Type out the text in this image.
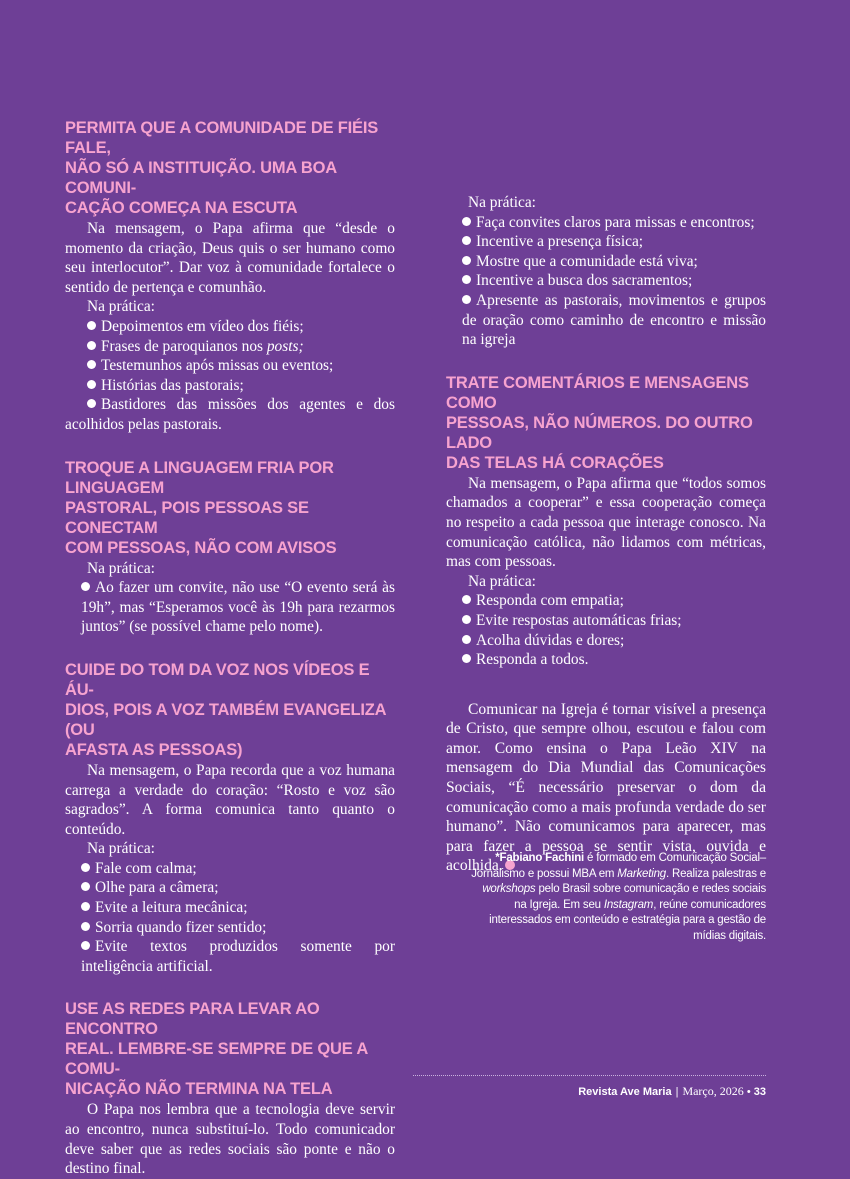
PERMITA QUE A COMUNIDADE DE FIÉIS FALE,
NÃO SÓ A INSTITUIÇÃO. UMA BOA COMUNI-
CAÇÃO COMEÇA NA ESCUTA

Na mensagem, o Papa afirma que “desde o momento da criação, Deus quis o ser humano como seu interlocutor”. Dar voz à comunidade fortalece o sentido de pertença e comunhão.

Na prática:

Depoimentos em vídeo dos fiéis;
Frases de paroquianos nos posts;
Testemunhos após missas ou eventos;
Histórias das pastorais;
Bastidores das missões dos agentes e dos acolhidos pelas pastorais.
TROQUE A LINGUAGEM FRIA POR LINGUAGEM
PASTORAL, POIS PESSOAS SE CONECTAM
COM PESSOAS, NÃO COM AVISOS

Na prática:

Ao fazer um convite, não use “O evento será às 19h”, mas “Esperamos você às 19h para rezarmos juntos” (se possível chame pelo nome).
CUIDE DO TOM DA VOZ NOS VÍDEOS E ÁU-
DIOS, POIS A VOZ TAMBÉM EVANGELIZA (OU
AFASTA AS PESSOAS)

Na mensagem, o Papa recorda que a voz humana carrega a verdade do coração: “Rosto e voz são sagrados”. A forma comunica tanto quanto o conteúdo.

Na prática:

Fale com calma;
Olhe para a câmera;
Evite a leitura mecânica;
Sorria quando fizer sentido;
Evite textos produzidos somente por inteligência artificial.
USE AS REDES PARA LEVAR AO ENCONTRO
REAL. LEMBRE-SE SEMPRE DE QUE A COMU-
NICAÇÃO NÃO TERMINA NA TELA

O Papa nos lembra que a tecnologia deve servir ao encontro, nunca substituí-lo. Todo comunicador deve saber que as redes sociais são ponte e não o destino final.

Na prática:

Faça convites claros para missas e encontros;
Incentive a presença física;
Mostre que a comunidade está viva;
Incentive a busca dos sacramentos;
Apresente as pastorais, movimentos e grupos de oração como caminho de encontro e missão na igreja
TRATE COMENTÁRIOS E MENSAGENS COMO
PESSOAS, NÃO NÚMEROS. DO OUTRO LADO
DAS TELAS HÁ CORAÇÕES

Na mensagem, o Papa afirma que “todos somos chamados a cooperar” e essa cooperação começa no respeito a cada pessoa que interage conosco. Na comunicação católica, não lidamos com métricas, mas com pessoas.

Na prática:

Responda com empatia;
Evite respostas automáticas frias;
Acolha dúvidas e dores;
Responda a todos.

Comunicar na Igreja é tornar visível a presença de Cristo, que sempre olhou, escutou e falou com amor. Como ensina o Papa Leão XIV na mensagem do Dia Mundial das Comunicações Sociais, “É necessário preservar o dom da comunicação como a mais profunda verdade do ser humano”. Não comunicamos para aparecer, mas para fazer a pessoa se sentir vista, ouvida e acolhida.

*Fabiano Fachini é formado em Comunicação Social–Jornalismo e possui MBA em Marketing. Realiza palestras e workshops pelo Brasil sobre comunicação e redes sociais na Igreja. Em seu Instagram, reúne comunicadores interessados em conteúdo e estratégia para a gestão de mídias digitais.
Revista Ave Maria | Março, 2026 • 33
